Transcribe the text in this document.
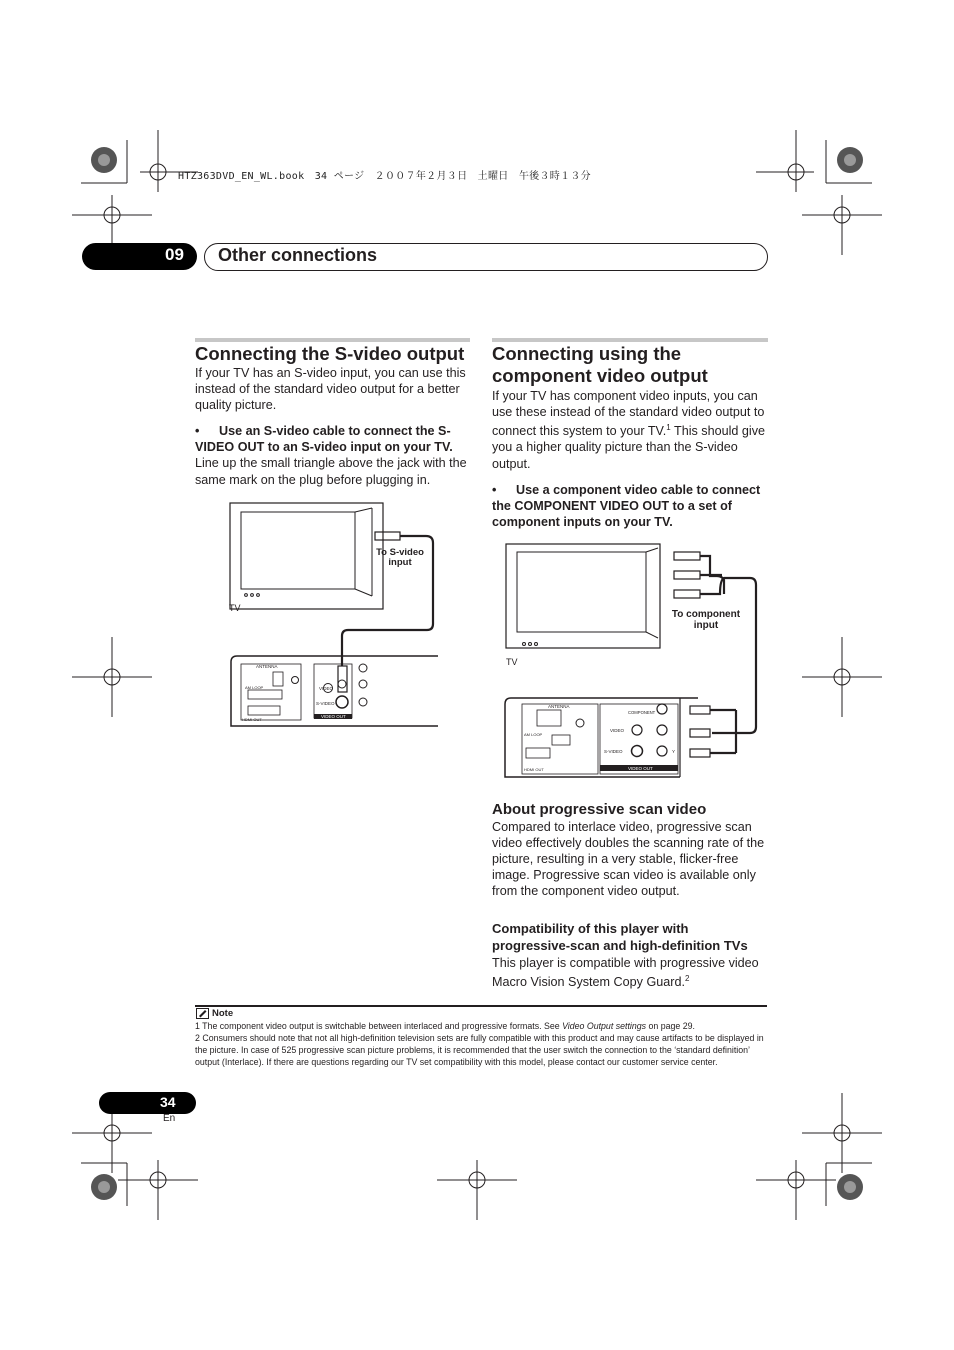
HTZ363DVD_EN_WL.book　34 ページ　２００７年２月３日　土曜日　午後３時１３分
09 Other connections
Connecting the S-video output

If your TV has an S-video input, you can use this instead of the standard video output for a better quality picture.

• Use an S-video cable to connect the S-VIDEO OUT to an S-video input on your TV.

Line up the small triangle above the jack with the same mark on the plug before plugging in.

ANTENNA
VIDEO
S-VIDEO
VIDEO OUT
AM LOOP
HDMI OUT
To S-video
input
TV
Connecting using the
component video output

If your TV has component video inputs, you can use these instead of the standard video output to connect this system to your TV.$^1$ This should give you a higher quality picture than the S-video output.

• Use a component video cable to connect the COMPONENT VIDEO OUT to a set of component inputs on your TV.

ANTENNA
COMPONENT
VIDEO
S-VIDEO
VIDEO OUT
Y
AM LOOP
HDMI OUT
To component
input
TV
About progressive scan video

Compared to interlace video, progressive scan video effectively doubles the scanning rate of the picture, resulting in a very stable, flicker-free image. Progressive scan video is available only from the component video output.

Compatibility of this player with progressive-scan and high-definition TVs

This player is compatible with progressive video Macro Vision System Copy Guard.$^2$

Note

1 The component video output is switchable between interlaced and progressive formats. See Video Output settings on page 29.

2 Consumers should note that not all high-definition television sets are fully compatible with this product and may cause artifacts to be displayed in the picture. In case of 525 progressive scan picture problems, it is recommended that the user switch the connection to the ‘standard definition’ output (Interlace). If there are questions regarding our TV set compatibility with this model, please contact our customer service center.

34
En
